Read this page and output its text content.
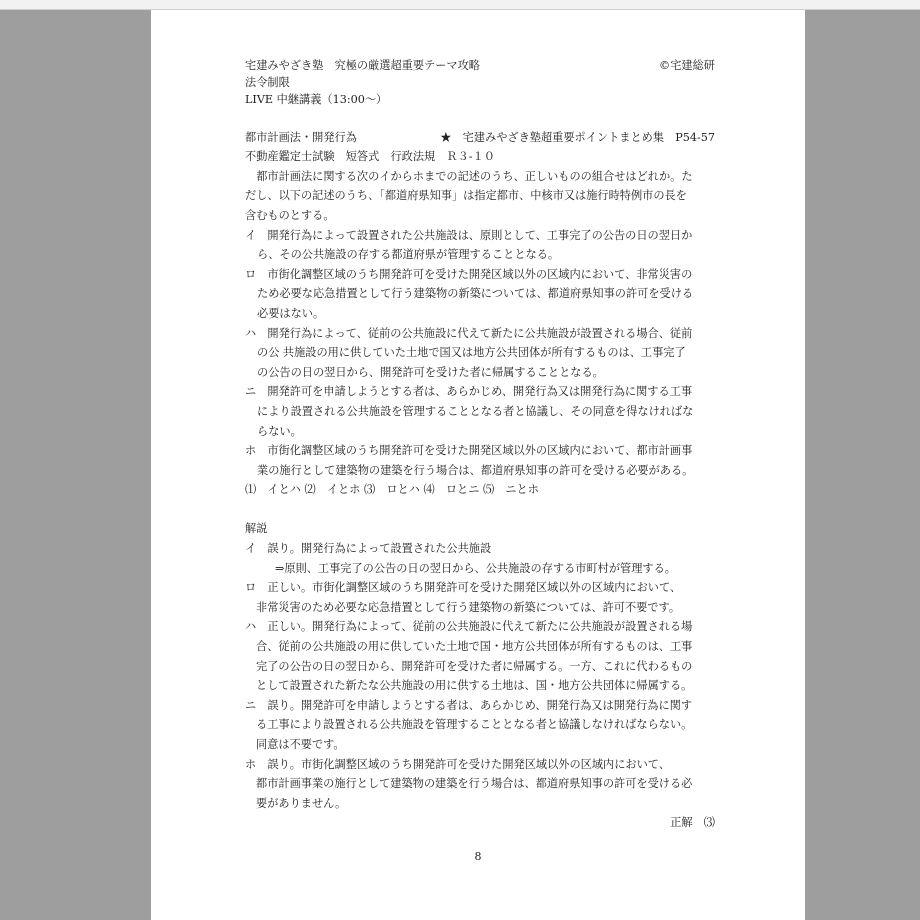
宅建みやざき塾　究極の厳選超重要テーマ攻略	©宅建総研
法令制限
LIVE 中継講義（13:00～）
都市計画法・開発行為	★　宅建みやざき塾超重要ポイントまとめ集　P54-57
不動産鑑定士試験　短答式　行政法規　Ｒ３-１０
　都市計画法に関する次のイからホまでの記述のうち、正しいものの組合せはどれか。た
だし、以下の記述のうち、「都道府県知事」は指定都市、中核市又は施行時特例市の長を
含むものとする。
イ　開発行為によって設置された公共施設は、原則として、工事完了の公告の日の翌日か
ら、その公共施設の存する都道府県が管理することとなる。
ロ　市街化調整区域のうち開発許可を受けた開発区域以外の区域内において、非常災害の
ため必要な応急措置として行う建築物の新築については、都道府県知事の許可を受ける
必要はない。
ハ　開発行為によって、従前の公共施設に代えて新たに公共施設が設置される場合、従前
の公 共施設の用に供していた土地で国又は地方公共団体が所有するものは、工事完了
の公告の日の翌日から、開発許可を受けた者に帰属することとなる。
ニ　開発許可を申請しようとする者は、あらかじめ、開発行為又は開発行為に関する工事
により設置される公共施設を管理することとなる者と協議し、その同意を得なければな
らない。
ホ　市街化調整区域のうち開発許可を受けた開発区域以外の区域内において、都市計画事
業の施行として建築物の建築を行う場合は、都道府県知事の許可を受ける必要がある。
⑴　イとハ ⑵　イとホ ⑶　ロとハ ⑷　ロとニ ⑸　ニとホ
解説
イ　誤り。開発行為によって設置された公共施設
⇒原則、工事完了の公告の日の翌日から、公共施設の存する市町村が管理する。
ロ　正しい。市街化調整区域のうち開発許可を受けた開発区域以外の区域内において、
非常災害のため必要な応急措置として行う建築物の新築については、許可不要です。
ハ　正しい。開発行為によって、従前の公共施設に代えて新たに公共施設が設置される場
合、従前の公共施設の用に供していた土地で国・地方公共団体が所有するものは、工事
完了の公告の日の翌日から、開発許可を受けた者に帰属する。一方、これに代わるもの
として設置された新たな公共施設の用に供する土地は、国・地方公共団体に帰属する。
ニ　誤り。開発許可を申請しようとする者は、あらかじめ、開発行為又は開発行為に関す
る工事により設置される公共施設を管理することとなる者と協議しなければならない。
同意は不要です。
ホ　誤り。市街化調整区域のうち開発許可を受けた開発区域以外の区域内において、
都市計画事業の施行として建築物の建築を行う場合は、都道府県知事の許可を受ける必
要がありません。
正解　⑶
8
